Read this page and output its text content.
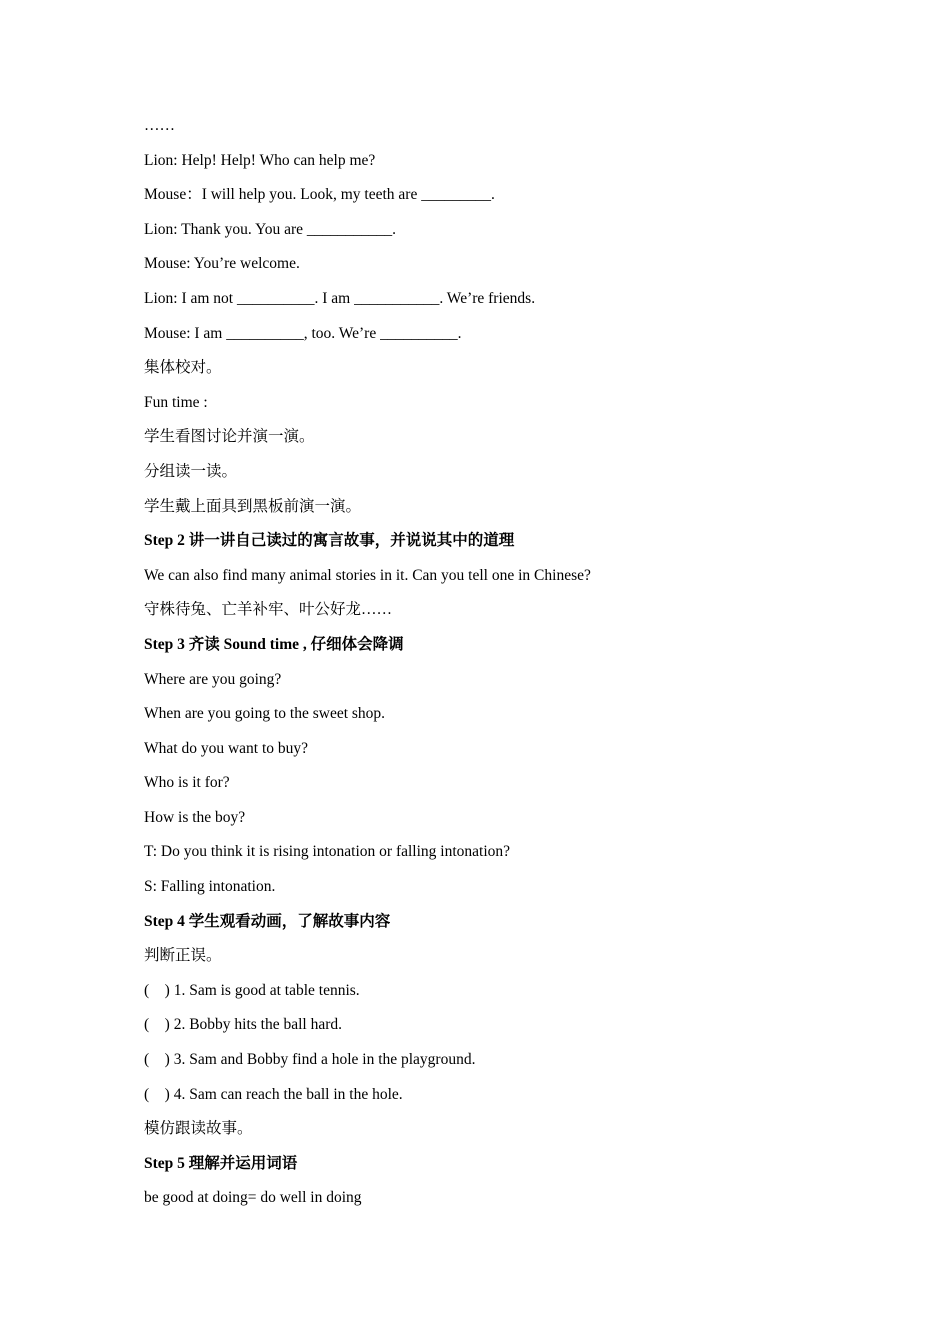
……
Lion: Help! Help! Who can help me?
Mouse：I will help you. Look, my teeth are _________.
Lion: Thank you. You are ___________.
Mouse: You’re welcome.
Lion: I am not __________. I am ___________. We’re friends.
Mouse: I am __________, too. We’re __________.
集体校对。
Fun time :
学生看图讨论并演一演。
分组读一读。
学生戴上面具到黑板前演一演。
Step 2 讲一讲自己读过的寓言故事，并说说其中的道理
We can also find many animal stories in it. Can you tell one in Chinese?
守株待兔、亡羊补牢、叶公好龙……
Step 3 齐读 Sound time , 仔细体会降调
Where are you going?
When are you going to the sweet shop.
What do you want to buy?
Who is it for?
How is the boy?
T: Do you think it is rising intonation or falling intonation?
S: Falling intonation.
Step 4 学生观看动画，了解故事内容
判断正误。
(    ) 1. Sam is good at table tennis.
(    ) 2. Bobby hits the ball hard.
(    ) 3. Sam and Bobby find a hole in the playground.
(    ) 4. Sam can reach the ball in the hole.
模仿跟读故事。
Step 5 理解并运用词语
be good at doing= do well in doing
